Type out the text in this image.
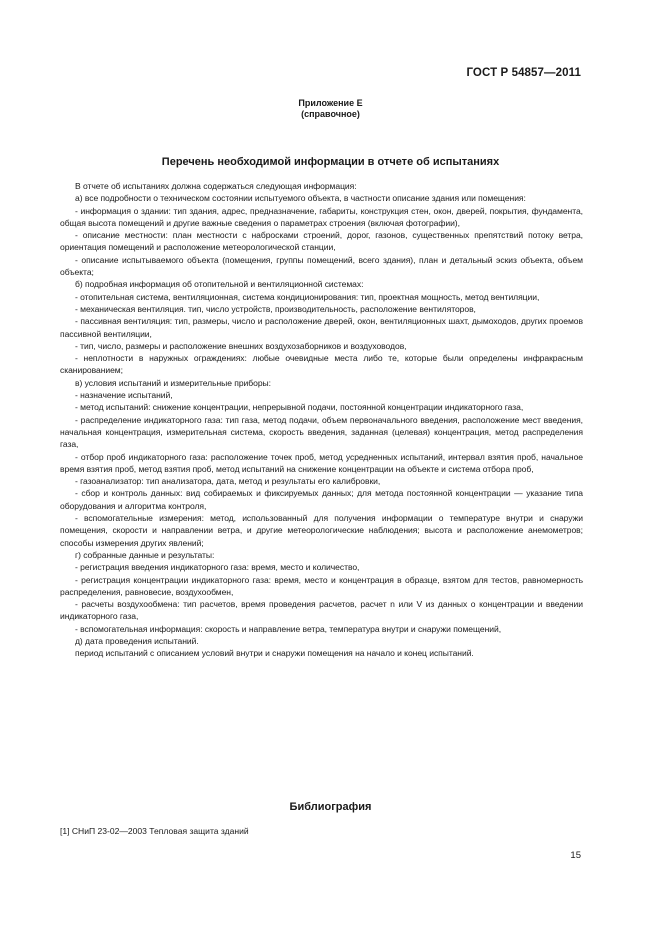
ГОСТ Р 54857—2011
Приложение Е
(справочное)
Перечень необходимой информации в отчете об испытаниях

В отчете об испытаниях должна содержаться следующая информация:

а) все подробности о техническом состоянии испытуемого объекта, в частности описание здания или помещения:

- информация о здании: тип здания, адрес, предназначение, габариты, конструкция стен, окон, дверей, покрытия, фундамента, общая высота помещений и другие важные сведения о параметрах строения (включая фотографии),

- описание местности: план местности с набросками строений, дорог, газонов, существенных препятствий потоку ветра, ориентация помещений и расположение метеорологической станции,

- описание испытываемого объекта (помещения, группы помещений, всего здания), план и детальный эскиз объекта, объем объекта;

б) подробная информация об отопительной и вентиляционной системах:

- отопительная система, вентиляционная, система кондиционирования: тип, проектная мощность, метод вентиляции,

- механическая вентиляция. тип, число устройств, производительность, расположение вентиляторов,

- пассивная вентиляция: тип, размеры, число и расположение дверей, окон, вентиляционных шахт, дымоходов, других проемов пассивной вентиляции,

- тип, число, размеры и расположение внешних воздухозаборников и воздуховодов,

- неплотности в наружных ограждениях: любые очевидные места либо те, которые были определены инфракрасным сканированием;

в) условия испытаний и измерительные приборы:

- назначение испытаний,

- метод испытаний: снижение концентрации, непрерывной подачи, постоянной концентрации индикаторного газа,

- распределение индикаторного газа: тип газа, метод подачи, объем первоначального введения, расположение мест введения, начальная концентрация, измерительная система, скорость введения, заданная (целевая) концентрация, метод распределения газа,

- отбор проб индикаторного газа: расположение точек проб, метод усредненных испытаний, интервал взятия проб, начальное время взятия проб, метод взятия проб, метод испытаний на снижение концентрации на объекте и система отбора проб,

- газоанализатор: тип анализатора, дата, метод и результаты его калибровки,

- сбор и контроль данных: вид собираемых и фиксируемых данных; для метода постоянной концентрации — указание типа оборудования и алгоритма контроля,

- вспомогательные измерения: метод, использованный для получения информации о температуре внутри и снаружи помещения, скорости и направлении ветра, и другие метеорологические наблюдения; высота и расположение анемометров; способы измерения других явлений;

г) собранные данные и результаты:

- регистрация введения индикаторного газа: время, место и количество,

- регистрация концентрации индикаторного газа: время, место и концентрация в образце, взятом для тестов, равномерность распределения, равновесие, воздухообмен,

- расчеты воздухообмена: тип расчетов, время проведения расчетов, расчет n или V из данных о концентрации и введении индикаторного газа,

- вспомогательная информация: скорость и направление ветра, температура внутри и снаружи помещений,

д) дата проведения испытаний.

период испытаний с описанием условий внутри и снаружи помещения на начало и конец испытаний.

Библиография
[1] СНиП 23-02—2003 Тепловая защита зданий
15
